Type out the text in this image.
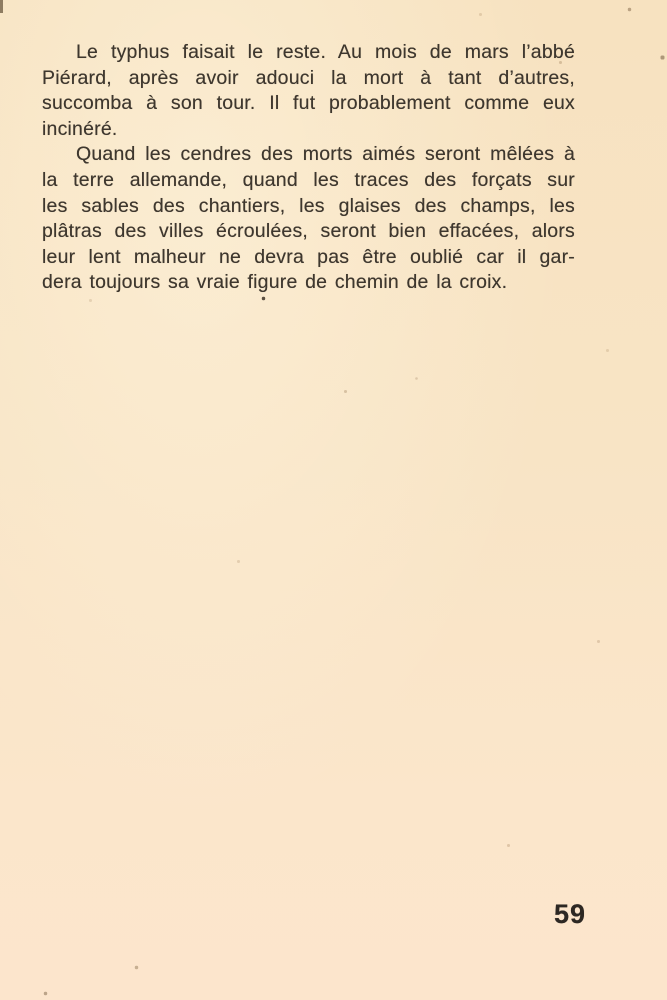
Le typhus faisait le reste. Au mois de mars l’abbé
Piérard, après avoir adouci la mort à tant d’autres,
succomba à son tour. Il fut probablement comme eux
incinéré.
Quand les cendres des morts aimés seront mêlées à
la terre allemande, quand les traces des forçats sur
les sables des chantiers, les glaises des champs, les
plâtras des villes écroulées, seront bien effacées, alors
leur lent malheur ne devra pas être oublié car il gar-
dera toujours sa vraie figure de chemin de la croix.
59
